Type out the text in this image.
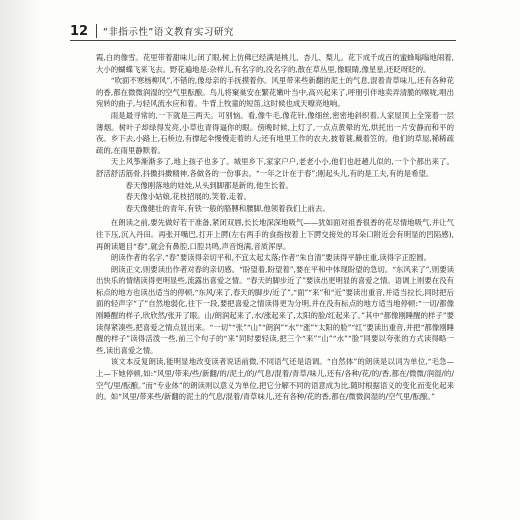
12	“非指示性”语文教育实习研究

霞,白的像雪。花里带着甜味儿;闭了眼,树上仿佛已经满是桃儿、杏儿、梨儿。花下成千成百的蜜蜂嗡嗡地闹着,大小的蝴蝶飞来飞去。野花遍地是:杂样儿,有名字的,没名字的,散在草丛里,像眼睛,像星星,还眨呀眨的。

“吹面不寒杨柳风”,不错的,像母亲的手抚摸着你。风里带来些新翻的泥土的气息,混着青草味儿,还有各种花的香,都在微微润湿的空气里酝酿。鸟儿将窠巢安在繁花嫩叶当中,高兴起来了,呼朋引伴地卖弄清脆的喉咙,唱出宛转的曲子,与轻风流水应和着。牛背上牧童的短笛,这时候也成天嘹亮地响。

雨是最寻常的,一下就是三两天。可别恼。看,像牛毛,像花针,像细丝,密密地斜织着,人家屋顶上全笼着一层薄烟。树叶子却绿得发亮,小草也青得逼你的眼。傍晚时候,上灯了,一点点黄晕的光,烘托出一片安静而和平的夜。乡下去,小路上,石桥边,有撑起伞慢慢走着的人;还有地里工作的农夫,披着蓑,戴着笠的。他们的草屋,稀稀疏疏的,在雨里静默着。

天上风筝渐渐多了,地上孩子也多了。城里乡下,家家户户,老老小小,他们也赶趟儿似的,一个个都出来了。舒活舒活筋骨,抖擞抖擞精神,各做各的一份事去。“一年之计在于春”;刚起头儿,有的是工夫,有的是希望。

春天像刚落地的娃娃,从头到脚都是新的,他生长着。

春天像小姑娘,花枝招展的,笑着,走着。

春天像健壮的青年,有铁一般的胳膊和腰脚,他领着我们上前去。

在朗读之前,要先做好若干准备,紧闭双唇,长长地深深地吸气——犹如面对祖香很香的花尽情地吸气,并让气往下压,沉入丹田。再张开嘴巴,打开上腭(左右两手的食指按着上下腭交接处的耳朵口附近会有明显的凹陷感),再朗读题目“春”,就会有鼻腔,口腔共鸣,声音饱满,音质浑厚。

朗读作者的名字,“春”要读得亲切平和,不宜太起太落;作者“朱自清”要读得平静庄重,读得字正腔圆。

朗读正文,则要读出作者对春的亲切感。“盼望着,盼望着”,要在平和中体现盼望的急切。“东风来了”,则要读出快乐的情绪读得更明显些,流露出喜爱之情。“春天的脚步近了”要读出更明显的喜爱之情。语调上则要在没有标点的地方也读出适当的停顿,“东风/来了,春天的脚步/近了”,“面”“来”和“近”要读出重音,并适当拉长,同时把后面的轻声字“了”自然地弱化,往下一段,要把喜爱之情读得更为分明,并在没有标点的地方适当地停顿:“一切/都像刚睡醒的样子,欣欣然/张开了眼。山/朗润起来了,水/涨起来了,太阳的脸/红起来了。”其中“都像刚睡醒的样子”要读得紧凑些,把喜爱之情点显出来。“一切”“张”“山”“朗润”“水”“涨”“太阳的脸”“红”要读出重音,并把“都像刚睡醒的样子”读得活泼一些,前三个句子的“来”同时要轻读,把三个“来”“山”“水”“脸”同要以夸张的方式读得略一些,读出喜爱之情。

该文本反复朗读,能明显地改变读者说话前微,不同语气还是语调。“自然体”的朗读是以词为单位,“毛急—上—下她停顿,如:“风里/带来/些/新翻/的/泥土/的/气息/混着/青草/味儿,还有/各种/花/的/香,都在/微微/润湿/的/空气/里/酝酿。”而“专业体”的朗读则以意义为单位,把它分解不同的语意成为比,随时根据语义的变化而变化起来的。如“风里/带来些/新翻的泥土的气息/混着/青草味儿,还有各种/花的香,都在/微微润湿的/空气里/酝酿。”
